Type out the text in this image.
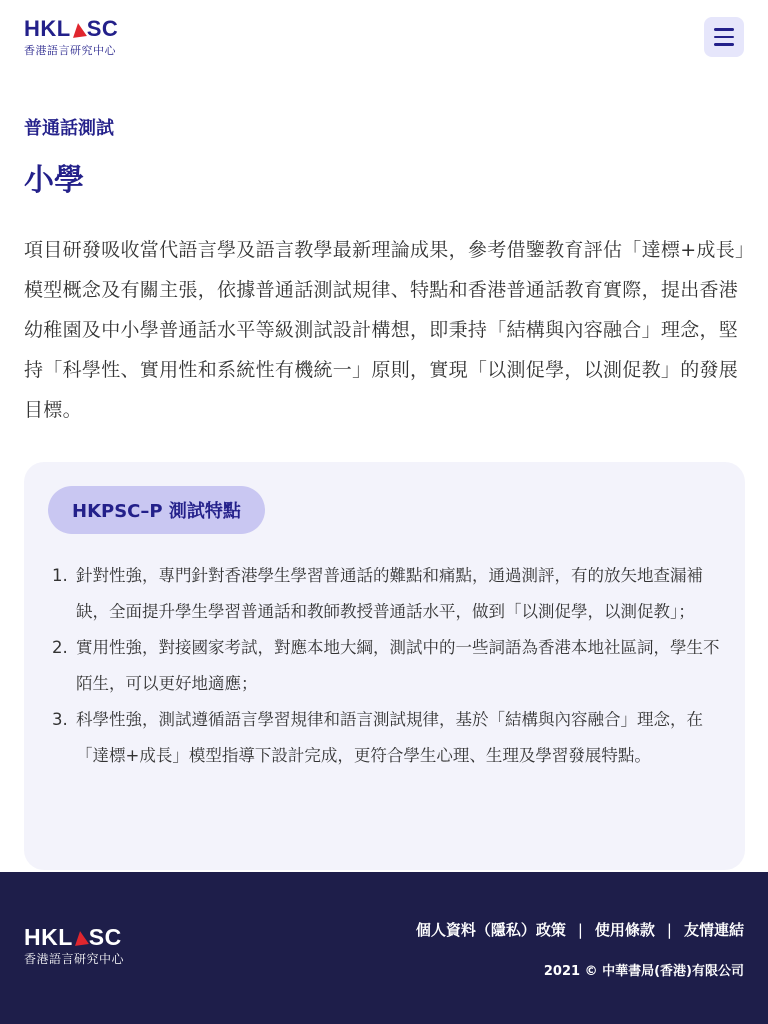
HK L SC
香港語言研究中心
普通話測試
小學

項目研發吸收當代語言學及語言教學最新理論成果，參考借鑒教育評估「達標+成長」模型概念及有關主張，依據普通話測試規律、特點和香港普通話教育實際，提出香港幼稚園及中小學普通話水平等級測試設計構想，即秉持「結構與內容融合」理念，堅持「科學性、實用性和系統性有機統一」原則，實現「以測促學，以測促教」的發展目標。

HKPSC–P 測試特點
1. 針對性強，專門針對香港學生學習普通話的難點和痛點，通過測評，有的放矢地查漏補缺，全面提升學生學習普通話和教師教授普通話水平，做到「以測促學，以測促教」；
2. 實用性強，對接國家考試，對應本地大綱，測試中的一些詞語為香港本地社區詞，學生不陌生，可以更好地適應；
3. 科學性強，測試遵循語言學習規律和語言測試規律，基於「結構與內容融合」理念，在「達標+成長」模型指導下設計完成，更符合學生心理、生理及學習發展特點。
HK L SC
香港語言研究中心
個人資料（隱私）政策 | 使用條款 | 友情連結
2021 © 中華書局(香港)有限公司
